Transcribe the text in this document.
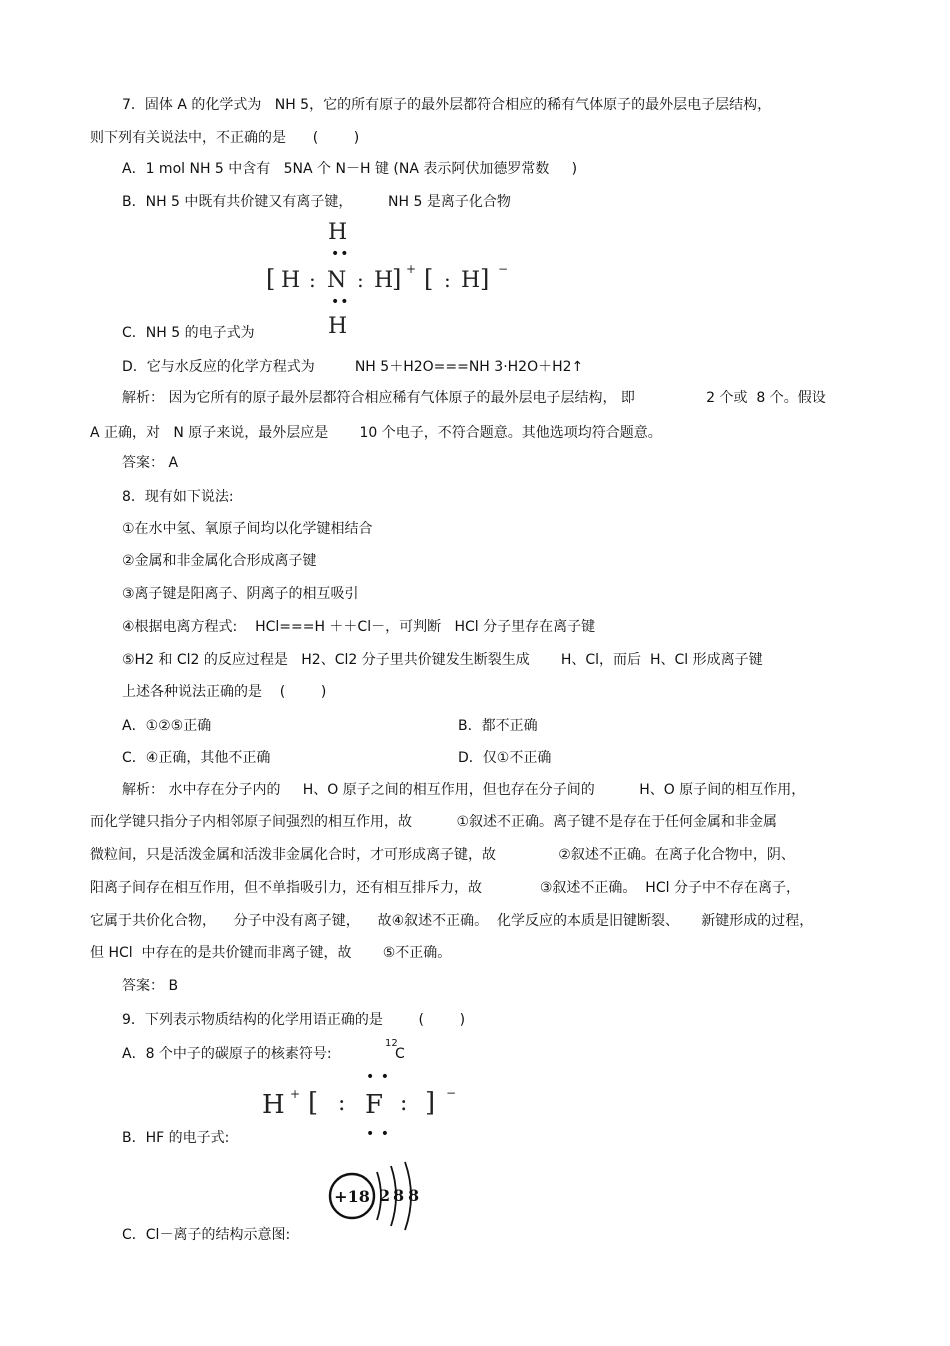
7．固体 A 的化学式为   NH 5，它的所有原子的最外层都符合相应的稀有气体原子的最外层电子层结构，
则下列有关说法中，不正确的是      (        )
A．1 mol NH 5 中含有   5NA 个 N－H 键 (NA 表示阿伏加德罗常数     )
B．NH 5 中既有共价键又有离子键，        NH 5 是离子化合物
H
••
[ H : N : H
] + [ : H ] −
••
H
C．NH 5 的电子式为
D．它与水反应的化学方程式为         NH 5＋H2O===NH 3·H2O＋H2↑
解析： 因为它所有的原子最外层都符合相应稀有气体原子的最外层电子层结构， 即                2 个或  8 个。假设
A 正确，对   N 原子来说，最外层应是       10 个电子，不符合题意。其他选项均符合题意。
答案： A
8．现有如下说法:
①在水中氢、氧原子间均以化学键相结合
②金属和非金属化合形成离子键
③离子键是阳离子、阴离子的相互吸引
④根据电离方程式:    HCl===H ＋＋Cl－，可判断   HCl 分子里存在离子键
⑤H2 和 Cl2 的反应过程是   H2、Cl2 分子里共价键发生断裂生成       H、Cl，而后  H、Cl 形成离子键
上述各种说法正确的是    (        )
A．①②⑤正确	B．都不正确
C．④正确，其他不正确	D．仅①不正确
解析： 水中存在分子内的     H、O 原子之间的相互作用，但也存在分子间的          H、O 原子间的相互作用，
而化学键只指分子内相邻原子间强烈的相互作用，故          ①叙述不正确。离子键不是存在于任何金属和非金属
微粒间，只是活泼金属和活泼非金属化合时，才可形成离子键，故              ②叙述不正确。在离子化合物中，阴、
阳离子间存在相互作用，但不单指吸引力，还有相互排斥力，故             ③叙述不正确。  HCl 分子中不存在离子，
它属于共价化合物，    分子中没有离子键，    故④叙述不正确。  化学反应的本质是旧键断裂、     新键形成的过程，
但 HCl  中存在的是共价键而非离子键，故       ⑤不正确。
答案： B
9．下列表示物质结构的化学用语正确的是        (        )
A．8 个中子的碳原子的核素符号:
12
C
• •
H + [ : F : ] −
• •
B．HF 的电子式:
+18 2 8 8
C．Cl－离子的结构示意图:
